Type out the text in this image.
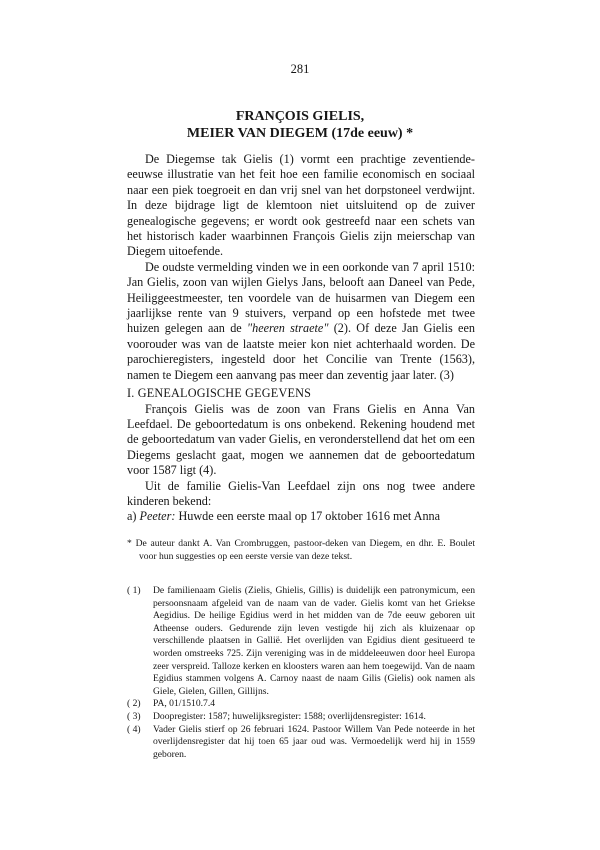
281
FRANÇOIS GIELIS,
MEIER VAN DIEGEM (17de eeuw) *

De Diegemse tak Gielis (1) vormt een prachtige zeventiende-eeuwse illustratie van het feit hoe een familie economisch en sociaal naar een piek toegroeit en dan vrij snel van het dorpstoneel verdwijnt. In deze bijdrage ligt de klemtoon niet uitsluitend op de zuiver genealogische gegevens; er wordt ook gestreefd naar een schets van het historisch kader waarbinnen François Gielis zijn meierschap van Diegem uitoefende.

De oudste vermelding vinden we in een oorkonde van 7 april 1510: Jan Gielis, zoon van wijlen Gielys Jans, belooft aan Daneel van Pede, Heiliggeestmeester, ten voordele van de huisarmen van Diegem een jaarlijkse rente van 9 stuivers, verpand op een hofstede met twee huizen gelegen aan de "heeren straete" (2). Of deze Jan Gielis een voorouder was van de laatste meier kon niet achterhaald worden. De parochieregisters, ingesteld door het Concilie van Trente (1563), namen te Diegem een aanvang pas meer dan zeventig jaar later. (3)

I. GENEALOGISCHE GEGEVENS

François Gielis was de zoon van Frans Gielis en Anna Van Leefdael. De geboortedatum is ons onbekend. Rekening houdend met de geboortedatum van vader Gielis, en veronderstellend dat het om een Diegems geslacht gaat, mogen we aannemen dat de geboortedatum voor 1587 ligt (4).

Uit de familie Gielis-Van Leefdael zijn ons nog twee andere kinderen bekend:

a) Peeter: Huwde een eerste maal op 17 oktober 1616 met Anna

* De auteur dankt A. Van Crombruggen, pastoor-deken van Diegem, en dhr. E. Boulet voor hun suggesties op een eerste versie van deze tekst.
( 1) De familienaam Gielis (Zielis, Ghielis, Gillis) is duidelijk een patronymicum, een persoonsnaam afgeleid van de naam van de vader. Gielis komt van het Griekse Aegidius. De heilige Egidius werd in het midden van de 7de eeuw geboren uit Atheense ouders. Gedurende zijn leven vestigde hij zich als kluizenaar op verschillende plaatsen in Gallië. Het overlijden van Egidius dient gesitueerd te worden omstreeks 725. Zijn vereniging was in de middeleeuwen door heel Europa zeer verspreid. Talloze kerken en kloosters waren aan hem toegewijd. Van de naam Egidius stammen volgens A. Carnoy naast de naam Gilis (Gielis) ook namen als Giele, Gielen, Gillen, Gillijns.
( 2) PA, 01/1510.7.4
( 3) Doopregister: 1587; huwelijksregister: 1588; overlijdensregister: 1614.
( 4) Vader Gielis stierf op 26 februari 1624. Pastoor Willem Van Pede noteerde in het overlijdensregister dat hij toen 65 jaar oud was. Vermoedelijk werd hij in 1559 geboren.
